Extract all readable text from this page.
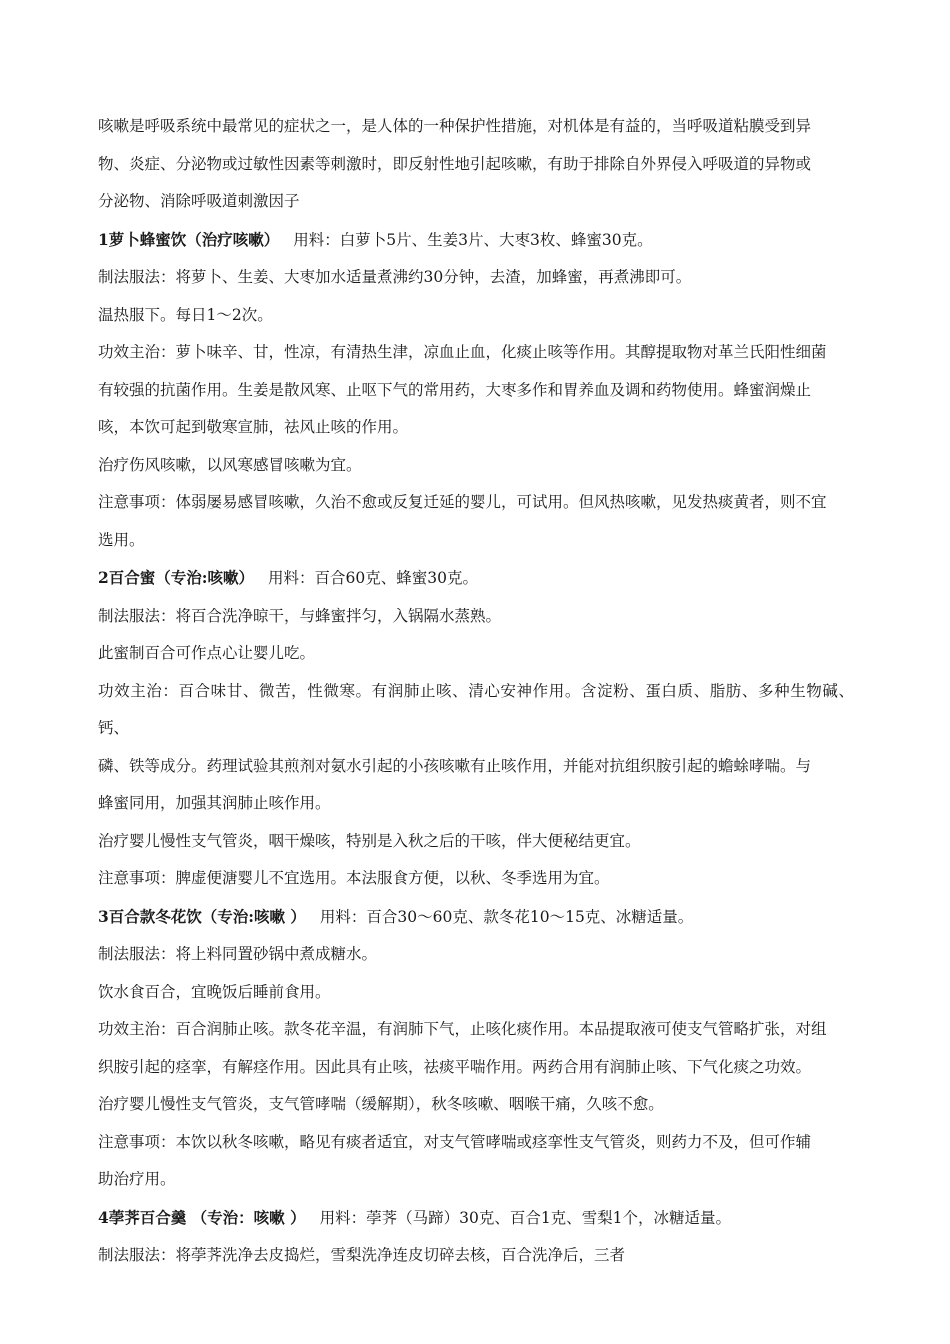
咳嗽是呼吸系统中最常见的症状之一，是人体的一种保护性措施，对机体是有益的，当呼吸道粘膜受到异

物、炎症、分泌物或过敏性因素等刺激时，即反射性地引起咳嗽，有助于排除自外界侵入呼吸道的异物或

分泌物、消除呼吸道刺激因子

1萝卜蜂蜜饮（治疗咳嗽） 用料：白萝卜5片、生姜3片、大枣3枚、蜂蜜30克。

制法服法：将萝卜、生姜、大枣加水适量煮沸约30分钟，去渣，加蜂蜜，再煮沸即可。

温热服下。每日1～2次。

功效主治：萝卜味辛、甘，性凉，有清热生津，凉血止血，化痰止咳等作用。其醇提取物对革兰氏阳性细菌

有较强的抗菌作用。生姜是散风寒、止呕下气的常用药，大枣多作和胃养血及调和药物使用。蜂蜜润燥止

咳，本饮可起到敬寒宣肺，祛风止咳的作用。

治疗伤风咳嗽，以风寒感冒咳嗽为宜。

注意事项：体弱屡易感冒咳嗽，久治不愈或反复迁延的婴儿，可试用。但风热咳嗽，见发热痰黄者，则不宜

选用。

2百合蜜（专治:咳嗽） 用料：百合60克、蜂蜜30克。

制法服法：将百合洗净晾干，与蜂蜜拌匀，入锅隔水蒸熟。

此蜜制百合可作点心让婴儿吃。

功效主治：百合味甘、微苦，性微寒。有润肺止咳、清心安神作用。含淀粉、蛋白质、脂肪、多种生物碱、钙、

磷、铁等成分。药理试验其煎剂对氨水引起的小孩咳嗽有止咳作用，并能对抗组织胺引起的蟾蜍哮喘。与

蜂蜜同用，加强其润肺止咳作用。

治疗婴儿慢性支气管炎，咽干燥咳，特别是入秋之后的干咳，伴大便秘结更宜。

注意事项：脾虚便溏婴儿不宜选用。本法服食方便，以秋、冬季选用为宜。

3百合款冬花饮（专治:咳嗽 ） 用料：百合30～60克、款冬花10～15克、冰糖适量。

制法服法：将上料同置砂锅中煮成糖水。

饮水食百合，宜晚饭后睡前食用。

功效主治：百合润肺止咳。款冬花辛温，有润肺下气，止咳化痰作用。本品提取液可使支气管略扩张，对组

织胺引起的痉挛，有解痉作用。因此具有止咳，祛痰平喘作用。两药合用有润肺止咳、下气化痰之功效。

治疗婴儿慢性支气管炎，支气管哮喘（缓解期），秋冬咳嗽、咽喉干痛，久咳不愈。

注意事项：本饮以秋冬咳嗽，略见有痰者适宜，对支气管哮喘或痉挛性支气管炎，则药力不及，但可作辅

助治疗用。

4荸荠百合羹 （专治：咳嗽 ） 用料：荸荠（马蹄）30克、百合1克、雪梨1个，冰糖适量。

制法服法：将荸荠洗净去皮捣烂，雪梨洗净连皮切碎去核，百合洗净后，三者
